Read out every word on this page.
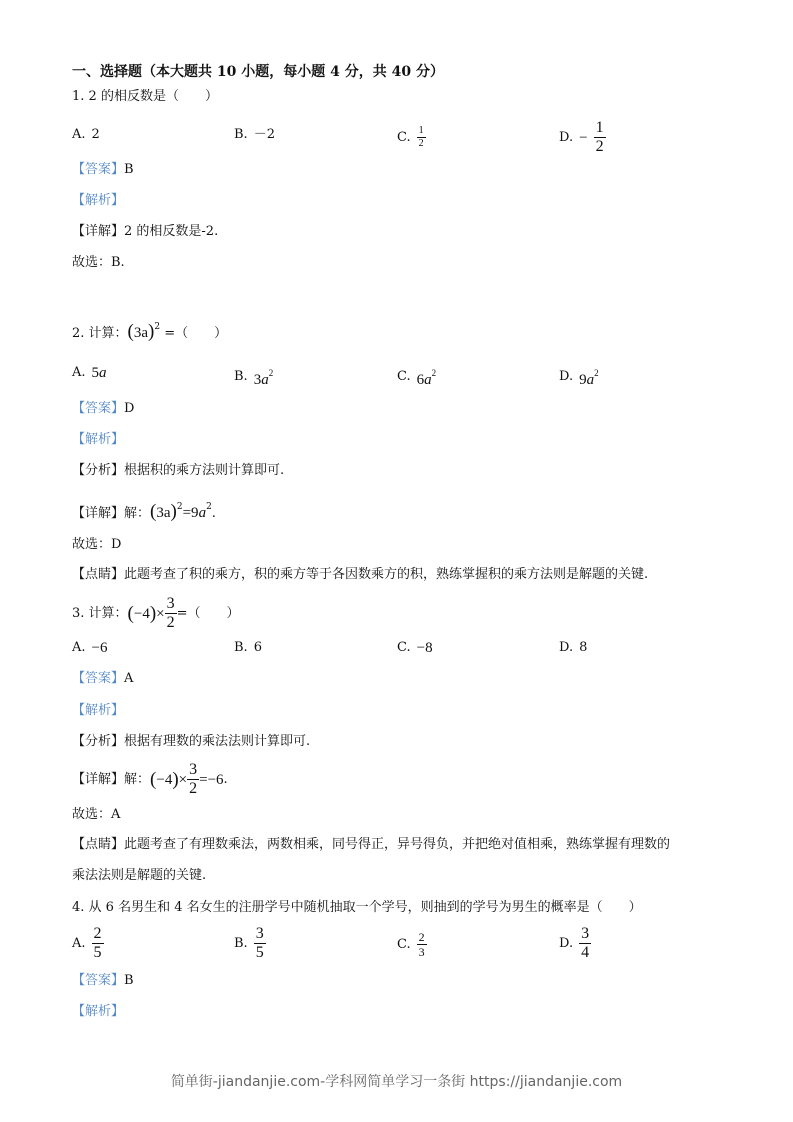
一、选择题（本大题共 10 小题，每小题 4 分，共 40 分）
1. 2 的相反数是（　　）
A. 2	B. －2	C. $\frac{1}{2}$	D. − $\frac{1}{2}$
【答案】B
【解析】
【详解】2 的相反数是-2.
故选：B.
2. 计算：$(3a)^2$ =（　　）
A. 5a	B. $3a^2$	C. $6a^2$	D. $9a^2$
【答案】D
【解析】
【分析】根据积的乘方法则计算即可.
【详解】解：$(3a)^2=9a^2$.
故选：D
【点睛】此题考查了积的乘方，积的乘方等于各因数乘方的积，熟练掌握积的乘方法则是解题的关键.
3. 计算： ( −4 ) × $\frac{3}{2}$ =（　　）
A. −6	B. 6	C. −8	D. 8
【答案】A
【解析】
【分析】根据有理数的乘法法则计算即可.
【详解】 解： ( −4 ) × $\frac{3}{2} =-6$ .
故选：A
【点睛】此题考查了有理数乘法，两数相乘，同号得正，异号得负，并把绝对值相乘，熟练掌握有理数的
乘法法则是解题的关键.
4. 从 6 名男生和 4 名女生的注册学号中随机抽取一个学号，则抽到的学号为男生的概率是（　　）
A. $\frac{2}{5}$	B. $\frac{3}{5}$	C. $\frac{2}{3}$	D. $\frac{3}{4}$
【答案】B
【解析】
简单街-jiandanjie.com-学科网简单学习一条街 https://jiandanjie.com
